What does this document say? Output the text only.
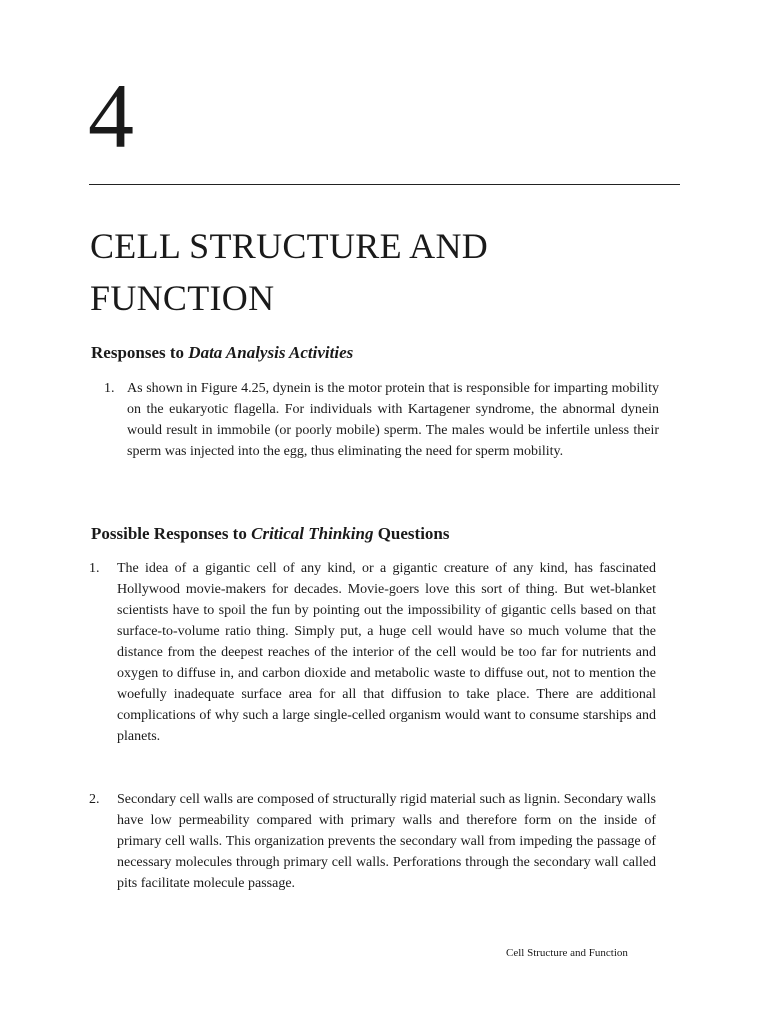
4
CELL STRUCTURE AND FUNCTION
Responses to Data Analysis Activities
1. As shown in Figure 4.25, dynein is the motor protein that is responsible for imparting mobility on the eukaryotic flagella. For individuals with Kartagener syndrome, the abnormal dynein would result in immobile (or poorly mobile) sperm. The males would be infertile unless their sperm was injected into the egg, thus eliminating the need for sperm mobility.
Possible Responses to Critical Thinking Questions
1. The idea of a gigantic cell of any kind, or a gigantic creature of any kind, has fascinated Hollywood movie-makers for decades. Movie-goers love this sort of thing. But wet-blanket scientists have to spoil the fun by pointing out the impossibility of gigantic cells based on that surface-to-volume ratio thing. Simply put, a huge cell would have so much volume that the distance from the deepest reaches of the interior of the cell would be too far for nutrients and oxygen to diffuse in, and carbon dioxide and metabolic waste to diffuse out, not to mention the woefully inadequate surface area for all that diffusion to take place. There are additional complications of why such a large single-celled organism would want to consume starships and planets.
2. Secondary cell walls are composed of structurally rigid material such as lignin. Secondary walls have low permeability compared with primary walls and therefore form on the inside of primary cell walls. This organization prevents the secondary wall from impeding the passage of necessary molecules through primary cell walls. Perforations through the secondary wall called pits facilitate molecule passage.
Cell Structure and Function
